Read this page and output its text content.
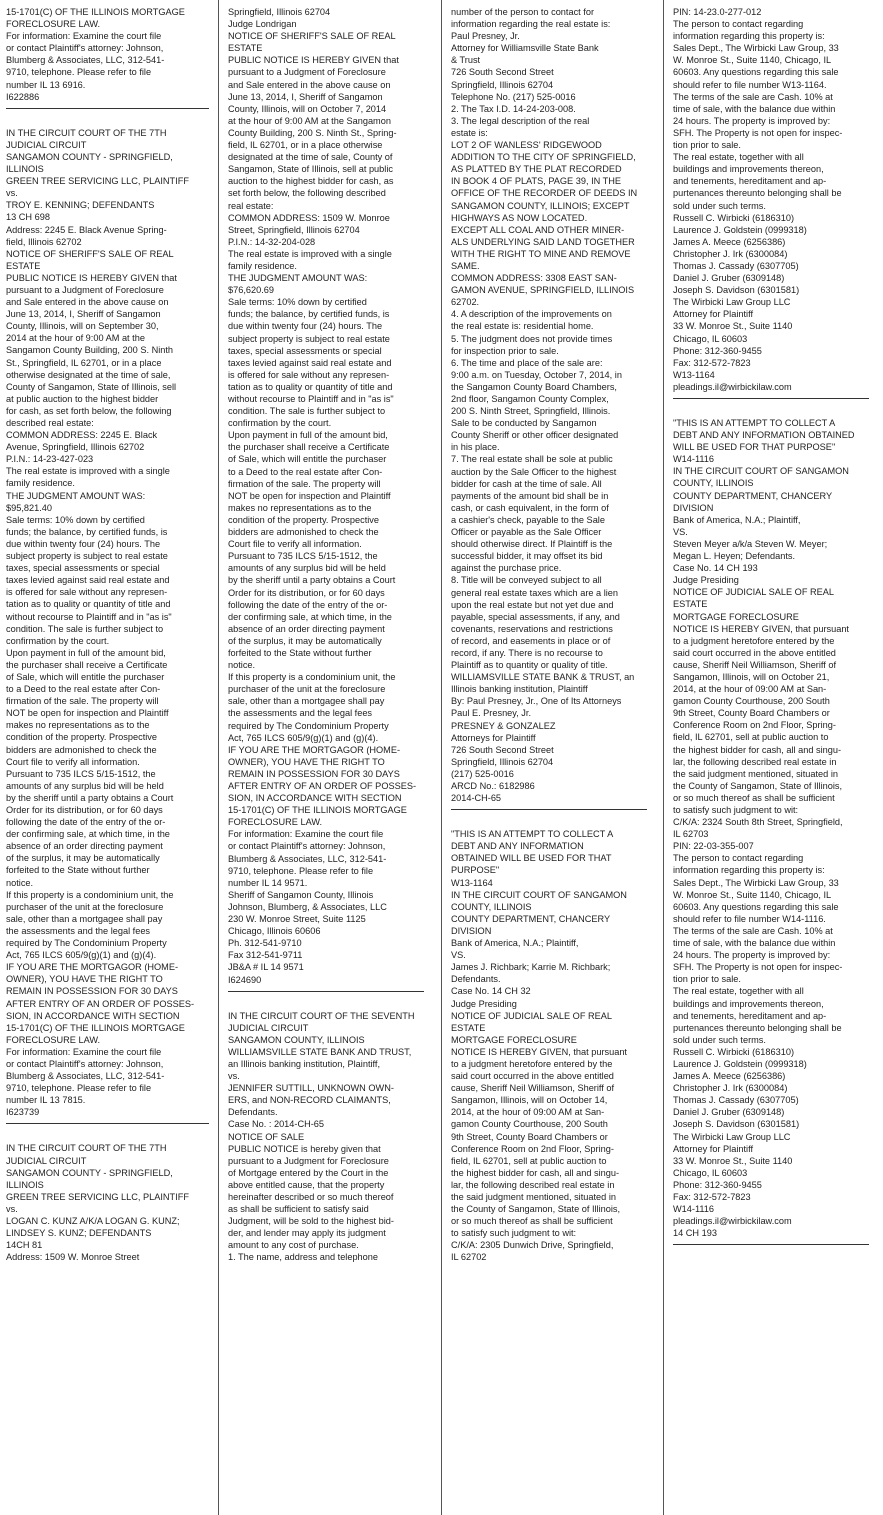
15-1701(C) OF THE ILLINOIS MORTGAGE
FORECLOSURE LAW.
For information: Examine the court file
or contact Plaintiff's attorney: Johnson,
Blumberg & Associates, LLC, 312-541-
9710, telephone. Please refer to file
number IL 13 6916.
I622886
IN THE CIRCUIT COURT OF THE 7TH
JUDICIAL CIRCUIT
SANGAMON COUNTY - SPRINGFIELD,
ILLINOIS
GREEN TREE SERVICING LLC, PLAINTIFF
vs.
TROY E. KENNING; DEFENDANTS
13 CH 698
Address: 2245 E. Black Avenue Spring-
field, Illinois 62702
NOTICE OF SHERIFF'S SALE OF REAL
ESTATE
PUBLIC NOTICE IS HEREBY GIVEN that
pursuant to a Judgment of Foreclosure
and Sale entered in the above cause on
June 13, 2014, I, Sheriff of Sangamon
County, Illinois, will on September 30,
2014 at the hour of 9:00 AM at the
Sangamon County Building, 200 S. Ninth
St., Springfield, IL 62701, or in a place
otherwise designated at the time of sale,
County of Sangamon, State of Illinois, sell
at public auction to the highest bidder
for cash, as set forth below, the following
described real estate:
COMMON ADDRESS: 2245 E. Black
Avenue, Springfield, Illinois 62702
P.I.N.: 14-23-427-023
The real estate is improved with a single
family residence.
THE JUDGMENT AMOUNT WAS:
$95,821.40
Sale terms: 10% down by certified
funds; the balance, by certified funds, is
due within twenty four (24) hours. The
subject property is subject to real estate
taxes, special assessments or special
taxes levied against said real estate and
is offered for sale without any represen-
tation as to quality or quantity of title and
without recourse to Plaintiff and in "as is"
condition. The sale is further subject to
confirmation by the court.
Upon payment in full of the amount bid,
the purchaser shall receive a Certificate
of Sale, which will entitle the purchaser
to a Deed to the real estate after Con-
firmation of the sale. The property will
NOT be open for inspection and Plaintiff
makes no representations as to the
condition of the property. Prospective
bidders are admonished to check the
Court file to verify all information.
Pursuant to 735 ILCS 5/15-1512, the
amounts of any surplus bid will be held
by the sheriff until a party obtains a Court
Order for its distribution, or for 60 days
following the date of the entry of the or-
der confirming sale, at which time, in the
absence of an order directing payment
of the surplus, it may be automatically
forfeited to the State without further
notice.
If this property is a condominium unit, the
purchaser of the unit at the foreclosure
sale, other than a mortgagee shall pay
the assessments and the legal fees
required by The Condominium Property
Act, 765 ILCS 605/9(g)(1) and (g)(4).
IF YOU ARE THE MORTGAGOR (HOME-
OWNER), YOU HAVE THE RIGHT TO
REMAIN IN POSSESSION FOR 30 DAYS
AFTER ENTRY OF AN ORDER OF POSSES-
SION, IN ACCORDANCE WITH SECTION
15-1701(C) OF THE ILLINOIS MORTGAGE
FORECLOSURE LAW.
For information: Examine the court file
or contact Plaintiff's attorney: Johnson,
Blumberg & Associates, LLC, 312-541-
9710, telephone. Please refer to file
number IL 13 7815.
I623739
IN THE CIRCUIT COURT OF THE 7TH
JUDICIAL CIRCUIT
SANGAMON COUNTY - SPRINGFIELD,
ILLINOIS
GREEN TREE SERVICING LLC, PLAINTIFF
vs.
LOGAN C. KUNZ A/K/A LOGAN G. KUNZ;
LINDSEY S. KUNZ; DEFENDANTS
14CH 81
Address: 1509 W. Monroe Street
Springfield, Illinois 62704
Judge Londrigan
NOTICE OF SHERIFF'S SALE OF REAL
ESTATE
PUBLIC NOTICE IS HEREBY GIVEN that
pursuant to a Judgment of Foreclosure
and Sale entered in the above cause on
June 13, 2014, I, Sheriff of Sangamon
County, Illinois, will on October 7, 2014
at the hour of 9:00 AM at the Sangamon
County Building, 200 S. Ninth St., Spring-
field, IL 62701, or in a place otherwise
designated at the time of sale, County of
Sangamon, State of Illinois, sell at public
auction to the highest bidder for cash, as
set forth below, the following described
real estate:
COMMON ADDRESS: 1509 W. Monroe
Street, Springfield, Illinois 62704
P.I.N.: 14-32-204-028
The real estate is improved with a single
family residence.
THE JUDGMENT AMOUNT WAS:
$76,620.69
Sale terms: 10% down by certified
funds; the balance, by certified funds, is
due within twenty four (24) hours. The
subject property is subject to real estate
taxes, special assessments or special
taxes levied against said real estate and
is offered for sale without any represen-
tation as to quality or quantity of title and
without recourse to Plaintiff and in "as is"
condition. The sale is further subject to
confirmation by the court.
Upon payment in full of the amount bid,
the purchaser shall receive a Certificate
of Sale, which will entitle the purchaser
to a Deed to the real estate after Con-
firmation of the sale. The property will
NOT be open for inspection and Plaintiff
makes no representations as to the
condition of the property. Prospective
bidders are admonished to check the
Court file to verify all information.
Pursuant to 735 ILCS 5/15-1512, the
amounts of any surplus bid will be held
by the sheriff until a party obtains a Court
Order for its distribution, or for 60 days
following the date of the entry of the or-
der confirming sale, at which time, in the
absence of an order directing payment
of the surplus, it may be automatically
forfeited to the State without further
notice.
If this property is a condominium unit, the
purchaser of the unit at the foreclosure
sale, other than a mortgagee shall pay
the assessments and the legal fees
required by The Condominium Property
Act, 765 ILCS 605/9(g)(1) and (g)(4).
IF YOU ARE THE MORTGAGOR (HOME-
OWNER), YOU HAVE THE RIGHT TO
REMAIN IN POSSESSION FOR 30 DAYS
AFTER ENTRY OF AN ORDER OF POSSES-
SION, IN ACCORDANCE WITH SECTION
15-1701(C) OF THE ILLINOIS MORTGAGE
FORECLOSURE LAW.
For information: Examine the court file
or contact Plaintiff's attorney: Johnson,
Blumberg & Associates, LLC, 312-541-
9710, telephone. Please refer to file
number IL 14 9571.
Sheriff of Sangamon County, Illinois
Johnson, Blumberg, & Associates, LLC
230 W. Monroe Street, Suite 1125
Chicago, Illinois 60606
Ph. 312-541-9710
Fax 312-541-9711
JB&A # IL 14 9571
I624690
IN THE CIRCUIT COURT OF THE SEVENTH
JUDICIAL CIRCUIT
SANGAMON COUNTY, ILLINOIS
WILLIAMSVILLE STATE BANK AND TRUST,
an Illinois banking institution, Plaintiff,
vs.
JENNIFER SUTTILL, UNKNOWN OWN-
ERS, and NON-RECORD CLAIMANTS,
Defendants.
Case No. : 2014-CH-65
NOTICE OF SALE
PUBLIC NOTICE is hereby given that
pursuant to a Judgment for Foreclosure
of Mortgage entered by the Court in the
above entitled cause, that the property
hereinafter described or so much thereof
as shall be sufficient to satisfy said
Judgment, will be sold to the highest bid-
der, and lender may apply its judgment
amount to any cost of purchase.
1. The name, address and telephone
number of the person to contact for
information regarding the real estate is:
Paul Presney, Jr.
Attorney for Williamsville State Bank
& Trust
726 South Second Street
Springfield, Illinois 62704
Telephone No. (217) 525-0016
2. The Tax I.D. 14-24-203-008.
3. The legal description of the real
estate is:
LOT 2 OF WANLESS' RIDGEWOOD
ADDITION TO THE CITY OF SPRINGFIELD,
AS PLATTED BY THE PLAT RECORDED
IN BOOK 4 OF PLATS, PAGE 39, IN THE
OFFICE OF THE RECORDER OF DEEDS IN
SANGAMON COUNTY, ILLINOIS; EXCEPT
HIGHWAYS AS NOW LOCATED.
EXCEPT ALL COAL AND OTHER MINER-
ALS UNDERLYING SAID LAND TOGETHER
WITH THE RIGHT TO MINE AND REMOVE
SAME.
COMMON ADDRESS: 3308 EAST SAN-
GAMON AVENUE, SPRINGFIELD, ILLINOIS
62702.
4. A description of the improvements on
the real estate is: residential home.
5. The judgment does not provide times
for inspection prior to sale.
6. The time and place of the sale are:
9:00 a.m. on Tuesday, October 7, 2014, in
the Sangamon County Board Chambers,
2nd floor, Sangamon County Complex,
200 S. Ninth Street, Springfield, Illinois.
Sale to be conducted by Sangamon
County Sheriff or other officer designated
in his place.
7. The real estate shall be sole at public
auction by the Sale Officer to the highest
bidder for cash at the time of sale. All
payments of the amount bid shall be in
cash, or cash equivalent, in the form of
a cashier's check, payable to the Sale
Officer or payable as the Sale Officer
should otherwise direct. If Plaintiff is the
successful bidder, it may offset its bid
against the purchase price.
8. Title will be conveyed subject to all
general real estate taxes which are a lien
upon the real estate but not yet due and
payable, special assessments, if any, and
covenants, reservations and restrictions
of record, and easements in place or of
record, if any. There is no recourse to
Plaintiff as to quantity or quality of title.
WILLIAMSVILLE STATE BANK & TRUST, an
Illinois banking institution, Plaintiff
By: Paul Presney, Jr., One of Its Attorneys
Paul E. Presney, Jr.
PRESNEY & GONZALEZ
Attorneys for Plaintiff
726 South Second Street
Springfield, Illinois 62704
(217) 525-0016
ARCD No.: 6182986
2014-CH-65
"THIS IS AN ATTEMPT TO COLLECT A
DEBT AND ANY INFORMATION
OBTAINED WILL BE USED FOR THAT
PURPOSE"
W13-1164
IN THE CIRCUIT COURT OF SANGAMON
COUNTY, ILLINOIS
COUNTY DEPARTMENT, CHANCERY
DIVISION
Bank of America, N.A.; Plaintiff,
VS.
James J. Richbark; Karrie M. Richbark;
Defendants.
Case No. 14 CH 32
Judge Presiding
NOTICE OF JUDICIAL SALE OF REAL
ESTATE
MORTGAGE FORECLOSURE
NOTICE IS HEREBY GIVEN, that pursuant
to a judgment heretofore entered by the
said court occurred in the above entitled
cause, Sheriff Neil Williamson, Sheriff of
Sangamon, Illinois, will on October 14,
2014, at the hour of 09:00 AM at San-
gamon County Courthouse, 200 South
9th Street, County Board Chambers or
Conference Room on 2nd Floor, Spring-
field, IL 62701, sell at public auction to
the highest bidder for cash, all and singu-
lar, the following described real estate in
the said judgment mentioned, situated in
the County of Sangamon, State of Illinois,
or so much thereof as shall be sufficient
to satisfy such judgment to wit:
C/K/A: 2305 Dunwich Drive, Springfield,
IL 62702
PIN: 14-23.0-277-012
The person to contact regarding
information regarding this property is:
Sales Dept., The Wirbicki Law Group, 33
W. Monroe St., Suite 1140, Chicago, IL
60603. Any questions regarding this sale
should refer to file number W13-1164.
The terms of the sale are Cash. 10% at
time of sale, with the balance due within
24 hours. The property is improved by:
SFH. The Property is not open for inspec-
tion prior to sale.
The real estate, together with all
buildings and improvements thereon,
and tenements, hereditament and ap-
purtenances thereunto belonging shall be
sold under such terms.
Russell C. Wirbicki (6186310)
Laurence J. Goldstein (0999318)
James A. Meece (6256386)
Christopher J. Irk (6300084)
Thomas J. Cassady (6307705)
Daniel J. Gruber (6309148)
Joseph S. Davidson (6301581)
The Wirbicki Law Group LLC
Attorney for Plaintiff
33 W. Monroe St., Suite 1140
Chicago, IL 60603
Phone: 312-360-9455
Fax: 312-572-7823
W13-1164
pleadings.il@wirbickilaw.com
"THIS IS AN ATTEMPT TO COLLECT A
DEBT AND ANY INFORMATION OBTAINED
WILL BE USED FOR THAT PURPOSE"
W14-1116
IN THE CIRCUIT COURT OF SANGAMON
COUNTY, ILLINOIS
COUNTY DEPARTMENT, CHANCERY
DIVISION
Bank of America, N.A.; Plaintiff,
VS.
Steven Meyer a/k/a Steven W. Meyer;
Megan L. Heyen; Defendants.
Case No. 14 CH 193
Judge Presiding
NOTICE OF JUDICIAL SALE OF REAL
ESTATE
MORTGAGE FORECLOSURE
NOTICE IS HEREBY GIVEN, that pursuant
to a judgment heretofore entered by the
said court occurred in the above entitled
cause, Sheriff Neil Williamson, Sheriff of
Sangamon, Illinois, will on October 21,
2014, at the hour of 09:00 AM at San-
gamon County Courthouse, 200 South
9th Street, County Board Chambers or
Conference Room on 2nd Floor, Spring-
field, IL 62701, sell at public auction to
the highest bidder for cash, all and singu-
lar, the following described real estate in
the said judgment mentioned, situated in
the County of Sangamon, State of Illinois,
or so much thereof as shall be sufficient
to satisfy such judgment to wit:
C/K/A: 2324 South 8th Street, Springfield,
IL 62703
PIN: 22-03-355-007
The person to contact regarding
information regarding this property is:
Sales Dept., The Wirbicki Law Group, 33
W. Monroe St., Suite 1140, Chicago, IL
60603. Any questions regarding this sale
should refer to file number W14-1116.
The terms of the sale are Cash. 10% at
time of sale, with the balance due within
24 hours. The property is improved by:
SFH. The Property is not open for inspec-
tion prior to sale.
The real estate, together with all
buildings and improvements thereon,
and tenements, hereditament and ap-
purtenances thereunto belonging shall be
sold under such terms.
Russell C. Wirbicki (6186310)
Laurence J. Goldstein (0999318)
James A. Meece (6256386)
Christopher J. Irk (6300084)
Thomas J. Cassady (6307705)
Daniel J. Gruber (6309148)
Joseph S. Davidson (6301581)
The Wirbicki Law Group LLC
Attorney for Plaintiff
33 W. Monroe St., Suite 1140
Chicago, IL 60603
Phone: 312-360-9455
Fax: 312-572-7823
W14-1116
pleadings.il@wirbickilaw.com
14 CH 193
